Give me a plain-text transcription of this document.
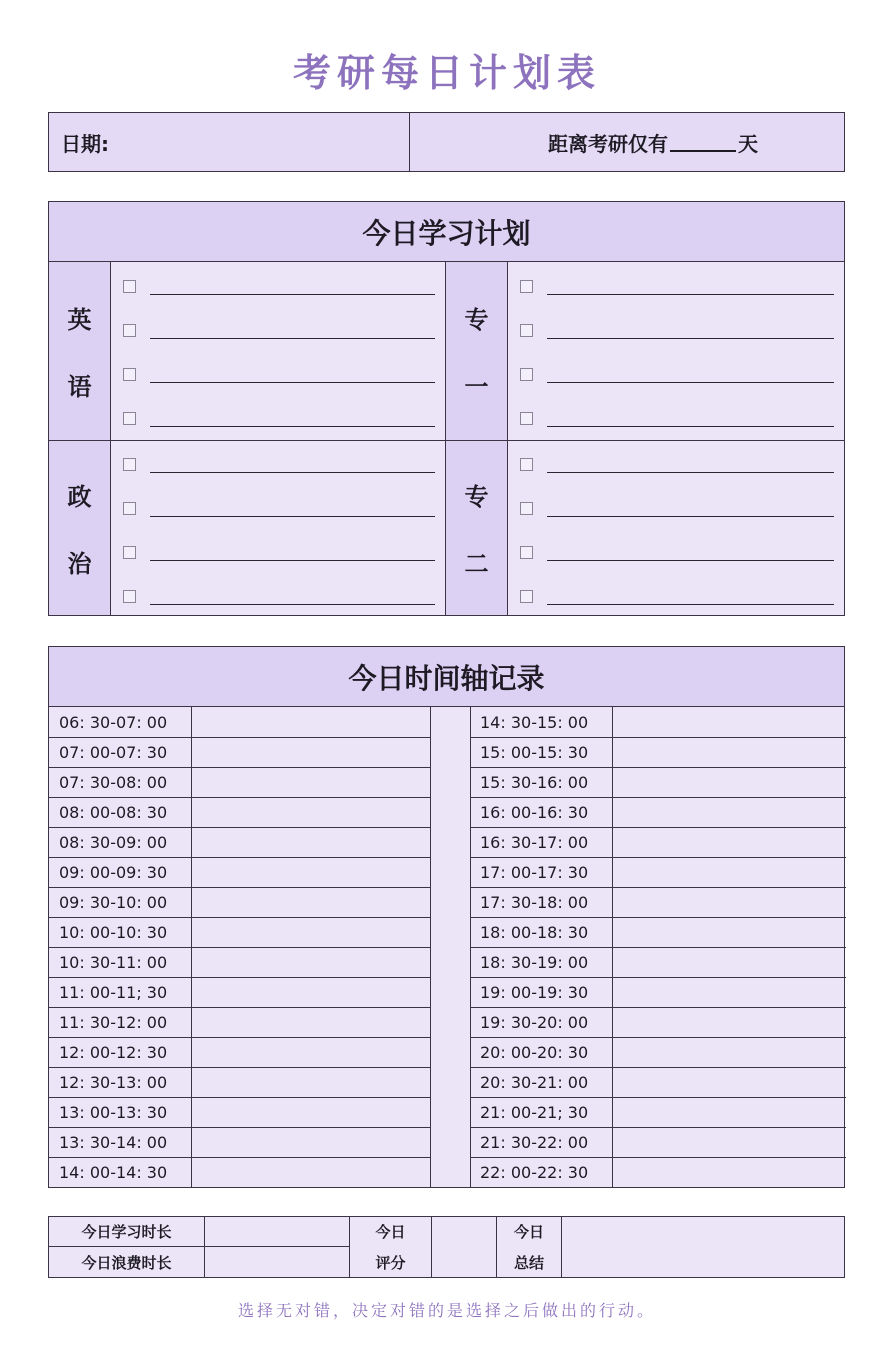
考研每日计划表
日期:	距离考研仅有	天
今日学习计划
英
语
专
一
政
治
专
二
今日时间轴记录
06: 30-07: 00
07: 00-07: 30
07: 30-08: 00
08: 00-08: 30
08: 30-09: 00
09: 00-09: 30
09: 30-10: 00
10: 00-10: 30
10: 30-11: 00
11: 00-11; 30
11: 30-12: 00
12: 00-12: 30
12: 30-13: 00
13: 00-13: 30
13: 30-14: 00
14: 00-14: 30
14: 30-15: 00
15: 00-15: 30
15: 30-16: 00
16: 00-16: 30
16: 30-17: 00
17: 00-17: 30
17: 30-18: 00
18: 00-18: 30
18: 30-19: 00
19: 00-19: 30
19: 30-20: 00
20: 00-20: 30
20: 30-21: 00
21: 00-21; 30
21: 30-22: 00
22: 00-22: 30
今日学习时长
今日浪费时长
今日
评分
今日
总结
选择无对错，决定对错的是选择之后做出的行动。
